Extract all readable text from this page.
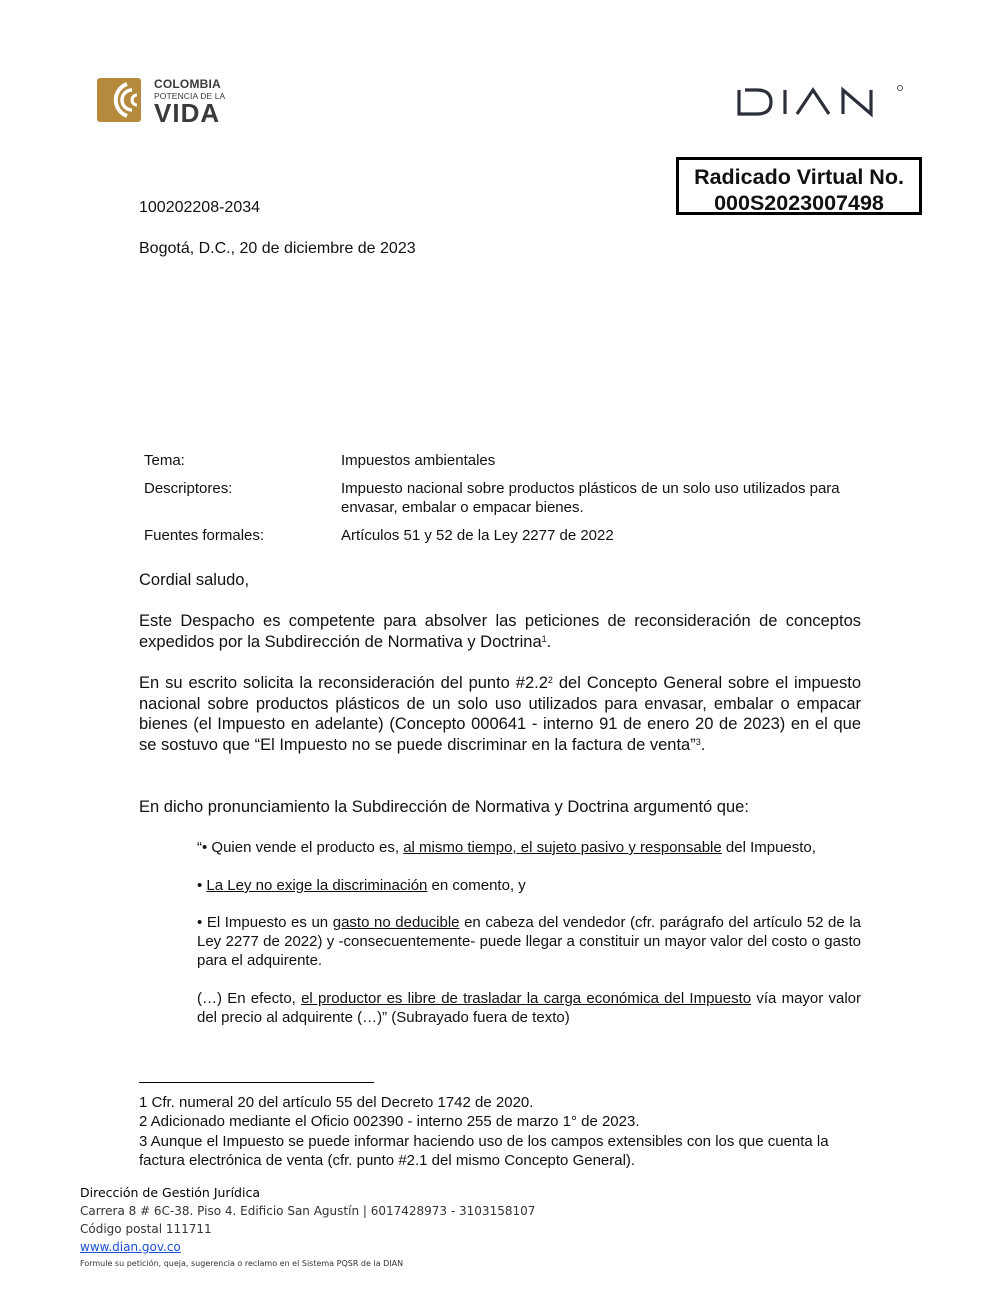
COLOMBIA
POTENCIA DE LA
VIDA
Radicado Virtual No.
000S2023007498
100202208-2034
Bogotá, D.C., 20 de diciembre de 2023
Tema:	Impuestos ambientales
Descriptores:	Impuesto nacional sobre productos plásticos de un solo uso utilizados para envasar, embalar o empacar bienes.
Fuentes formales:	Artículos 51 y 52 de la Ley 2277 de 2022
Cordial saludo,
Este Despacho es competente para absolver las peticiones de reconsideración de conceptos expedidos por la Subdirección de Normativa y Doctrina$^1$.
En su escrito solicita la reconsideración del punto $\#2.2^2$ del Concepto General sobre el impuesto nacional sobre productos plásticos de un solo uso utilizados para envasar, embalar o empacar bienes (el Impuesto en adelante) (Concepto 000641 - interno 91 de enero 20 de 2023) en el que se sostuvo que “El Impuesto no se puede discriminar en la factura de venta”$^3$.
En dicho pronunciamiento la Subdirección de Normativa y Doctrina argumentó que:
“• Quien vende el producto es, al mismo tiempo, el sujeto pasivo y responsable del Impuesto,
• La Ley no exige la discriminación en comento, y
• El Impuesto es un gasto no deducible en cabeza del vendedor (cfr. parágrafo del artículo 52 de la Ley 2277 de 2022) y -consecuentemente- puede llegar a constituir un mayor valor del costo o gasto para el adquirente.
(…) En efecto, el productor es libre de trasladar la carga económica del Impuesto vía mayor valor del precio al adquirente (…)” (Subrayado fuera de texto)
1 Cfr. numeral 20 del artículo 55 del Decreto 1742 de 2020.
2 Adicionado mediante el Oficio 002390 - interno 255 de marzo 1° de 2023.
3 Aunque el Impuesto se puede informar haciendo uso de los campos extensibles con los que cuenta la factura electrónica de venta (cfr. punto #2.1 del mismo Concepto General).
Dirección de Gestión Jurídica
Carrera 8 # 6C-38. Piso 4. Edificio San Agustín | 6017428973 - 3103158107
Código postal 111711
www.dian.gov.co
Formule su petición, queja, sugerencia o reclamo en el Sistema PQSR de la DIAN
